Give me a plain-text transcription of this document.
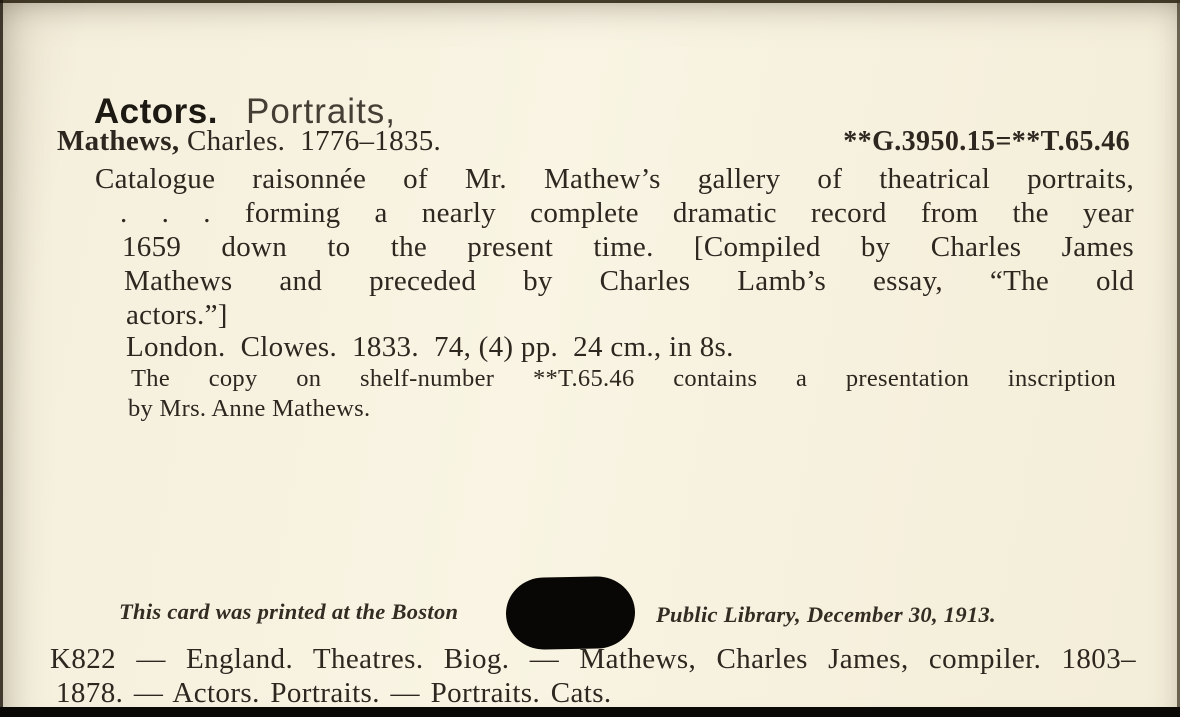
Actors. Portraits,

Mathews, Charles.  1776–1835.	**G.3950.15=**T.65.46
Catalogue raisonnée of Mr. Mathew’s gallery of theatrical portraits,
. . . forming a nearly complete dramatic record from the year
1659 down to the present time. [Compiled by Charles James
Mathews and preceded by Charles Lamb’s essay, “The old
actors.”]
London.  Clowes.  1833.  74, (4) pp.  24 cm., in 8s.
The copy on shelf-number **T.65.46 contains a presentation inscription
by Mrs. Anne Mathews.
This card was printed at the Boston	Public Library, December 30, 1913.
K822 — England. Theatres. Biog. — Mathews, Charles James, compiler. 1803–
1878. — Actors. Portraits. — Portraits. Cats.
